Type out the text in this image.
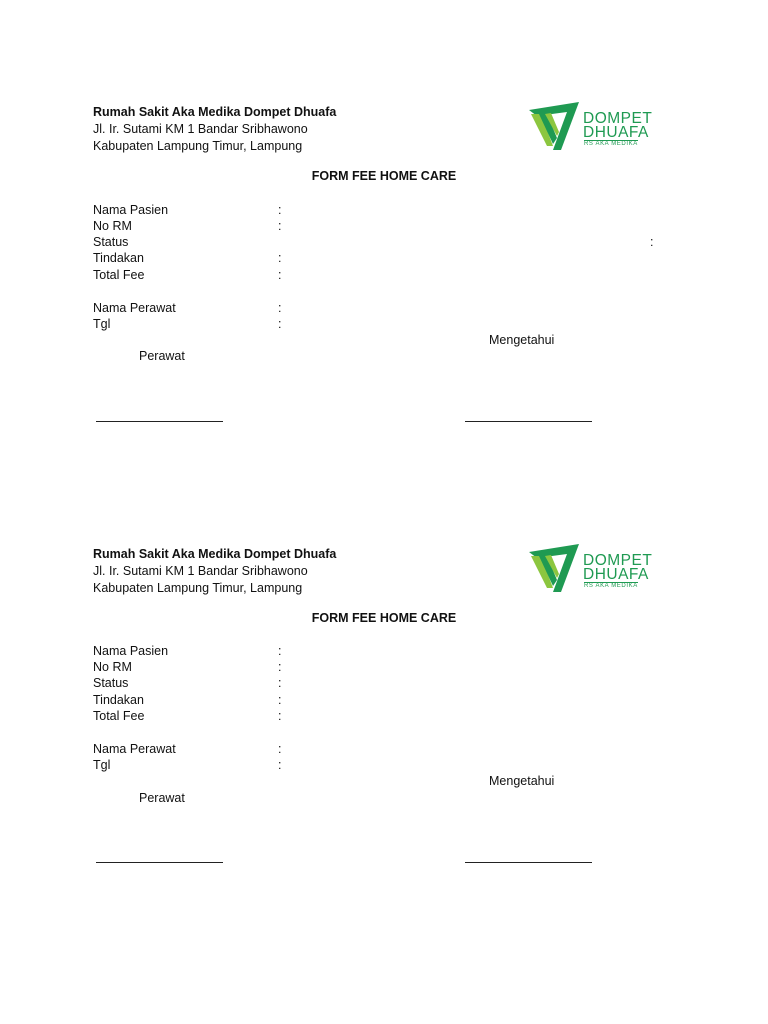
Rumah Sakit Aka Medika Dompet Dhuafa
Jl. Ir. Sutami KM 1 Bandar Sribhawono
Kabupaten Lampung Timur, Lampung
DOMPET
DHUAFA
RS AKA MEDIKA
FORM FEE HOME CARE
Nama Pasien	:
No RM	:
Status	:
Tindakan	:
Total Fee	:
Nama Perawat	:
Tgl	:
Mengetahui
Perawat
Rumah Sakit Aka Medika Dompet Dhuafa
Jl. Ir. Sutami KM 1 Bandar Sribhawono
Kabupaten Lampung Timur, Lampung
DOMPET
DHUAFA
RS AKA MEDIKA
FORM FEE HOME CARE
Nama Pasien	:
No RM	:
Status	:
Tindakan	:
Total Fee	:
Nama Perawat	:
Tgl	:
Mengetahui
Perawat
